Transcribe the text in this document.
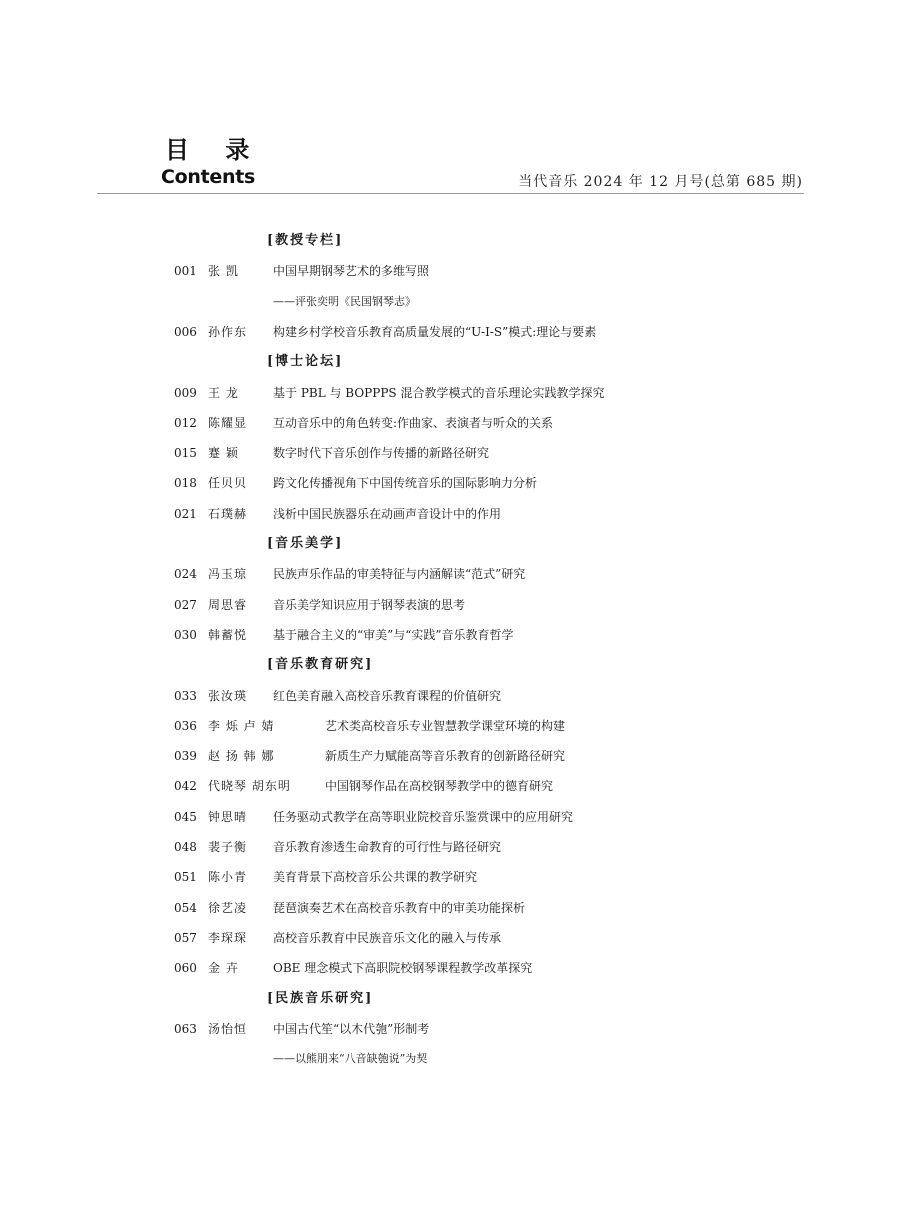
目 录
Contents	当代音乐 2024 年 12 月号(总第 685 期)
[教授专栏]
001 张 凯	中国早期钢琴艺术的多维写照
——评张奕明《民国钢琴志》
006 孙作东 构建乡村学校音乐教育高质量发展的“U-I-S”模式:理论与要素
[博士论坛]
009 王 龙	基于 PBL 与 BOPPPS 混合教学模式的音乐理论实践教学探究
012 陈耀显 互动音乐中的角色转变:作曲家、表演者与听众的关系
015 蹇 颖	数字时代下音乐创作与传播的新路径研究
018 任贝贝 跨文化传播视角下中国传统音乐的国际影响力分析
021 石璞赫 浅析中国民族器乐在动画声音设计中的作用
[音乐美学]
024 冯玉琼 民族声乐作品的审美特征与内涵解读“范式”研究
027 周思睿 音乐美学知识应用于钢琴表演的思考
030 韩蓄悦 基于融合主义的“审美”与“实践”音乐教育哲学
[音乐教育研究]
033 张汝瑛 红色美育融入高校音乐教育课程的价值研究
036 李 烁 卢 婧	艺术类高校音乐专业智慧教学课堂环境的构建
039 赵 扬 韩 娜	新质生产力赋能高等音乐教育的创新路径研究
042 代晓琴 胡东明	中国钢琴作品在高校钢琴教学中的德育研究
045 钟思晴 任务驱动式教学在高等职业院校音乐鉴赏课中的应用研究
048 裴子衡 音乐教育渗透生命教育的可行性与路径研究
051 陈小青 美育背景下高校音乐公共课的教学研究
054 徐艺凌 琵琶演奏艺术在高校音乐教育中的审美功能探析
057 李琛琛 高校音乐教育中民族音乐文化的融入与传承
060 金 卉	OBE 理念模式下高职院校钢琴课程教学改革探究
[民族音乐研究]
063 汤怡恒 中国古代笙“以木代匏”形制考
——以熊朋来“八音缺匏说”为契
